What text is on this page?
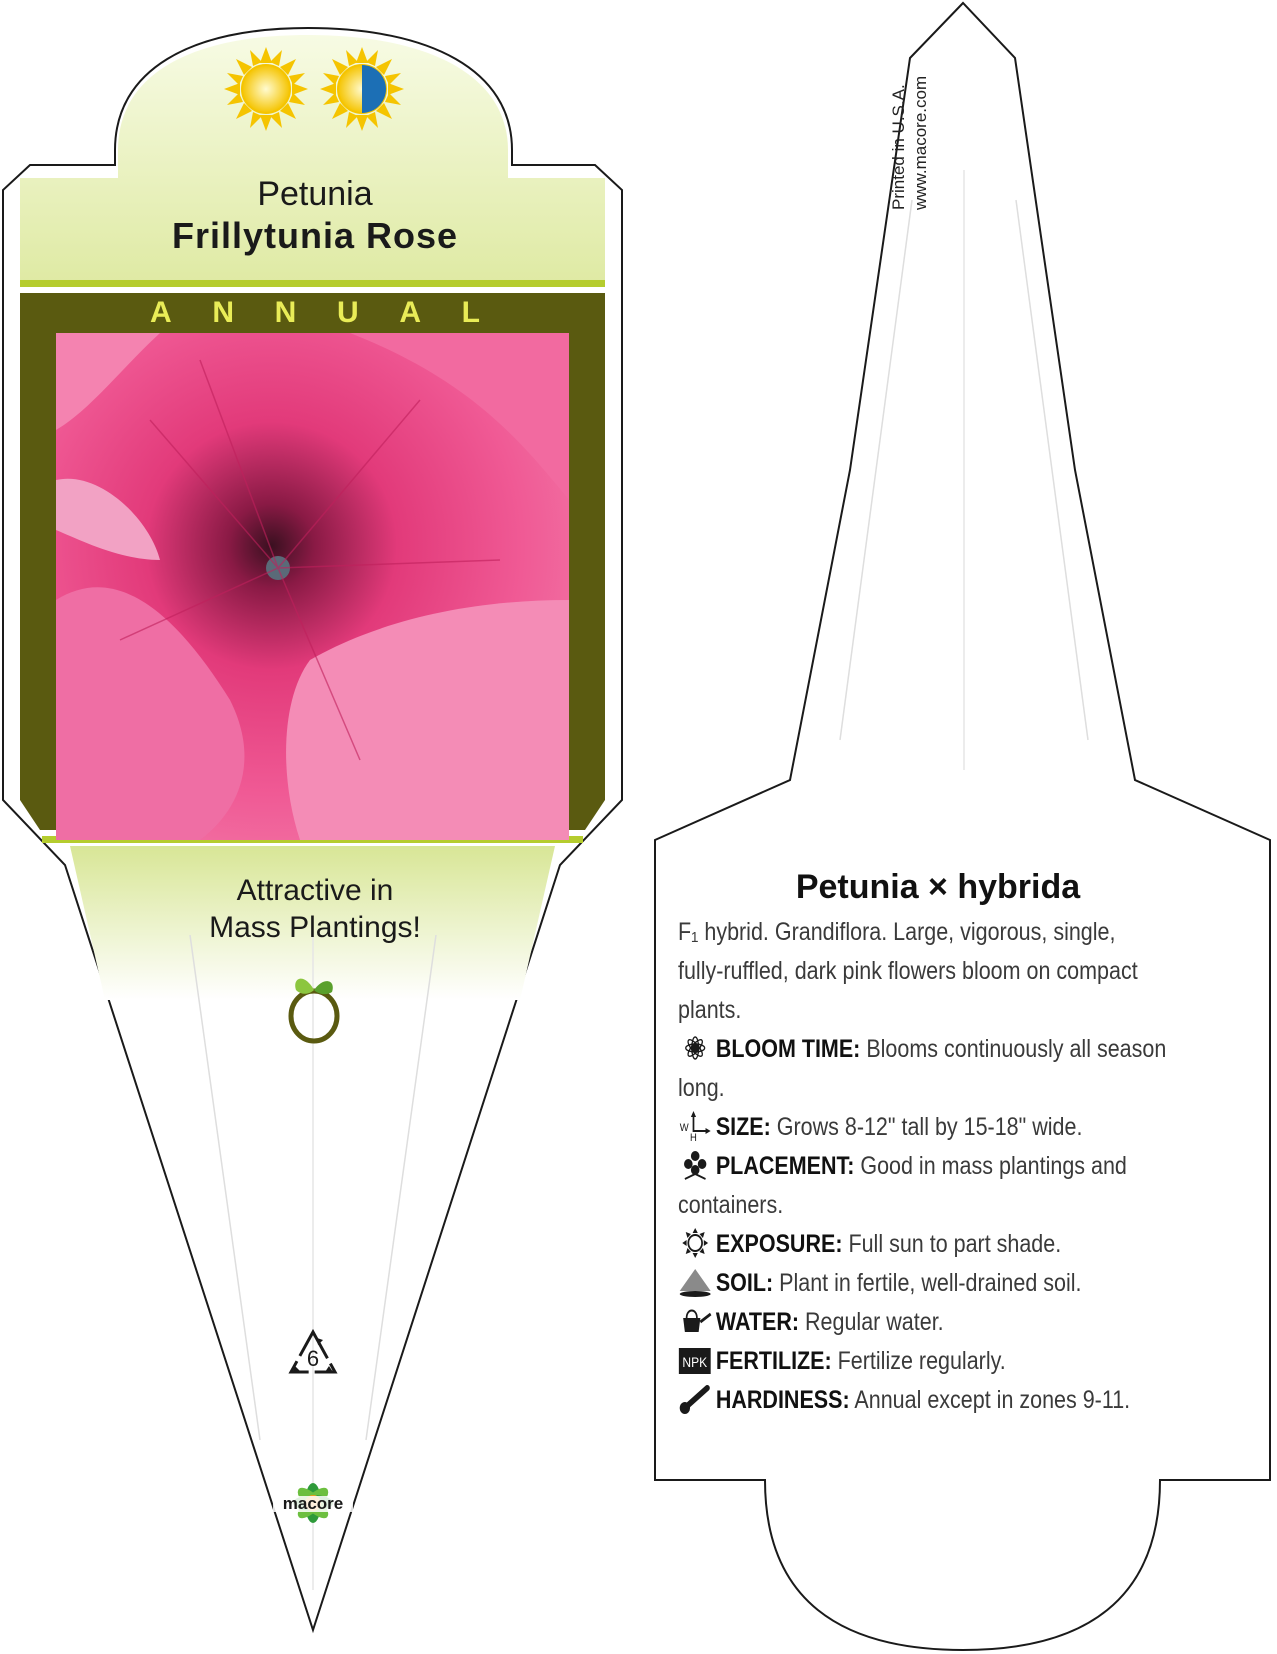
Petunia
Frillytunia Rose
A N N U A L
Attractive in
Mass Plantings!
6
macore
Printed in U.S.A. www.macore.com
Petunia × hybrida
F₁ hybrid. Grandiflora. Large, vigorous, single,
fully-ruffled, dark pink flowers bloom on compact
plants.
BLOOM TIME: Blooms continuously all season
long.
W
H SIZE: Grows 8-12" tall by 15-18" wide.
PLACEMENT: Good in mass plantings and
containers.
EXPOSURE: Full sun to part shade.
SOIL: Plant in fertile, well-drained soil.
WATER: Regular water.
NPK FERTILIZE: Fertilize regularly.
HARDINESS: Annual except in zones 9-11.
